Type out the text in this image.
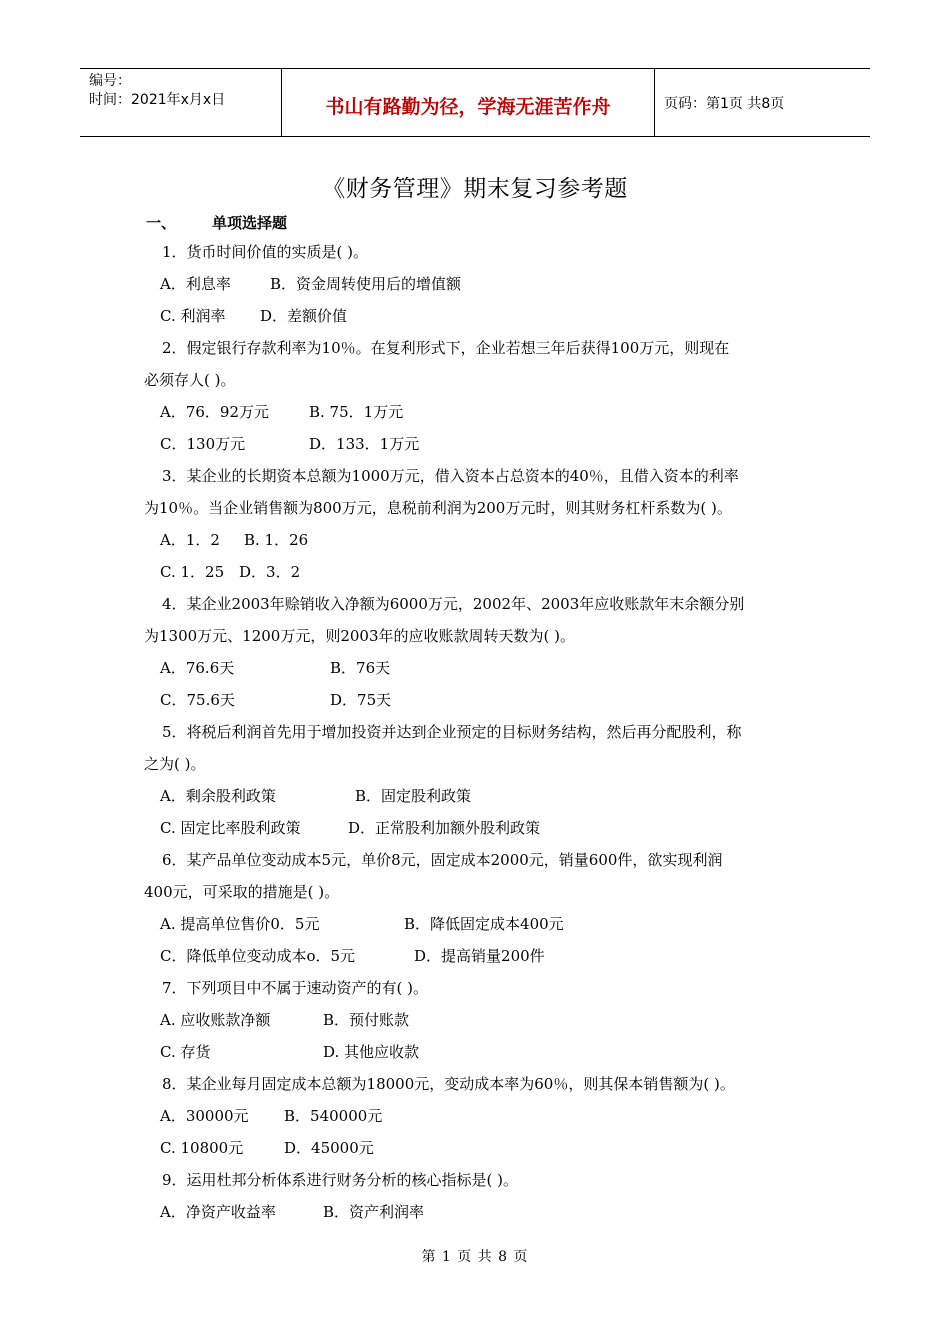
编号：
时间：2021年x月x日	书山有路勤为径，学海无涯苦作舟	页码：第1页 共8页
《财务管理》期末复习参考题
一、 单项选择题
1．货币时间价值的实质是( )。
A．利息率	B．资金周转使用后的增值额
C. 利润率 D．差额价值
2．假定银行存款利率为10％。在复利形式下，企业若想三年后获得100万元，则现在
必须存人( )。
A．76．92万元	B. 75．1万元
C．130万元	D．133．1万元
3．某企业的长期资本总额为1000万元，借入资本占总资本的40％，且借入资本的利率
为10％。当企业销售额为800万元，息税前利润为200万元时，则其财务杠杆系数为( )。
A．1．2 B. 1．26
C. 1．25 D．3．2
4．某企业2003年赊销收入净额为6000万元，2002年、2003年应收账款年末余额分别
为1300万元、1200万元，则2003年的应收账款周转天数为( )。
A．76.6天	B．76天
C．75.6天	D．75天
5．将税后利润首先用于增加投资并达到企业预定的目标财务结构，然后再分配股利，称
之为( )。
A．剩余股利政策	B．固定股利政策
C. 固定比率股利政策	D．正常股利加额外股利政策
6．某产品单位变动成本5元，单价8元，固定成本2000元，销量600件，欲实现利润
400元，可采取的措施是( )。
A. 提高单位售价0．5元	B．降低固定成本400元
C．降低单位变动成本o．5元	D．提高销量200件
7．下列项目中不属于速动资产的有( )。
A. 应收账款净额	B．预付账款
C. 存货	D. 其他应收款
8．某企业每月固定成本总额为18000元，变动成本率为60％，则其保本销售额为( )。
A．30000元 B．540000元
C. 10800元	D．45000元
9．运用杜邦分析体系进行财务分析的核心指标是( )。
A．净资产收益率	B．资产利润率
第 1 页 共 8 页
